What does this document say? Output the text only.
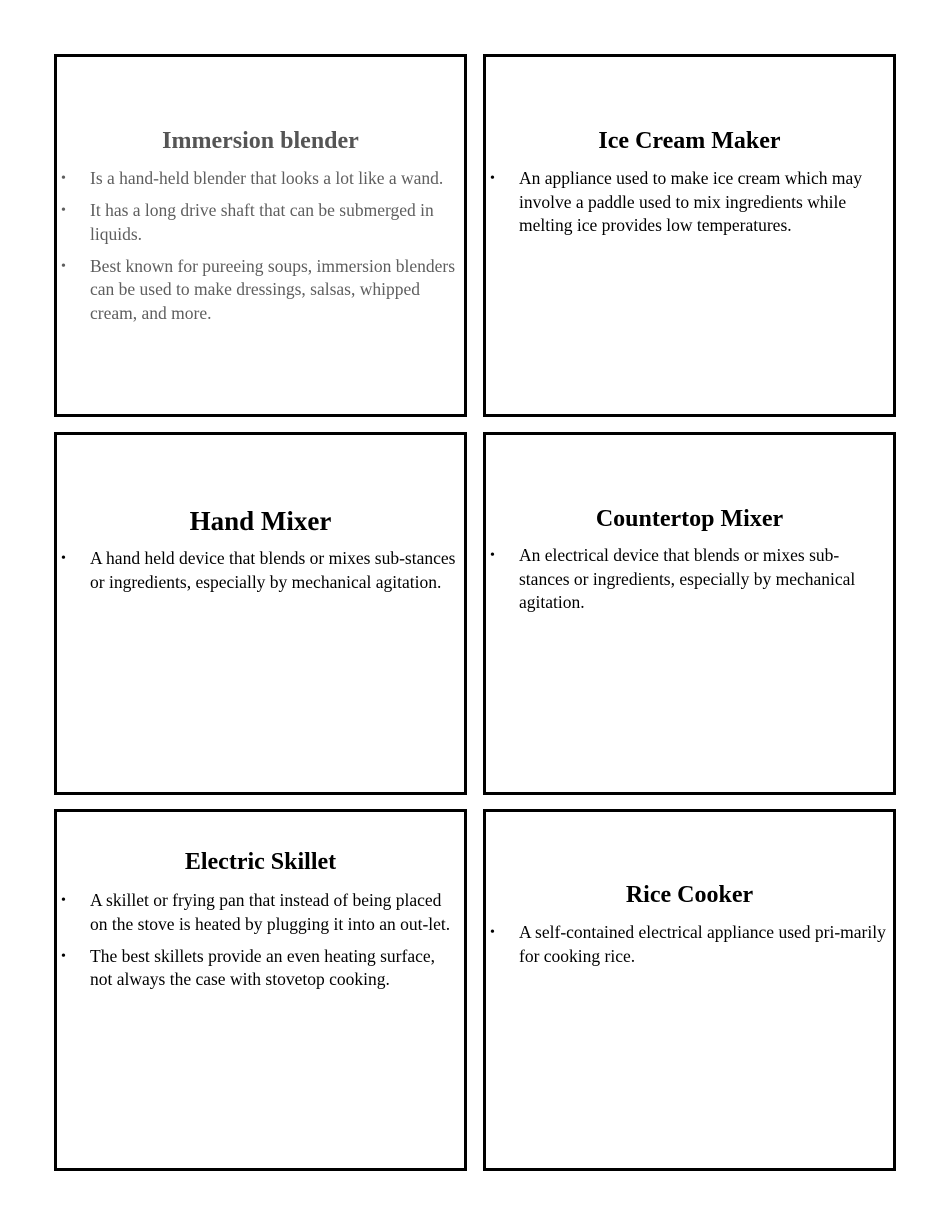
Immersion blender
• Is a hand-held blender that looks a lot like a wand.
• It has a long drive shaft that can be submerged in liquids.
• Best known for pureeing soups, immersion blenders can be used to make dressings, salsas, whipped cream, and more.
Ice Cream Maker
• An appliance used to make ice cream which may involve a paddle used to mix ingredients while melting ice provides low temperatures.
Hand Mixer
• A hand held device that blends or mixes sub-stances or ingredients, especially by mechanical agitation.
Countertop Mixer
• An electrical device that blends or mixes sub-stances or ingredients, especially by mechanical agitation.
Electric Skillet
• A skillet or frying pan that instead of being placed on the stove is heated by plugging it into an out-let.
• The best skillets provide an even heating surface, not always the case with stovetop cooking.
Rice Cooker
• A self-contained electrical appliance used pri-marily for cooking rice.
